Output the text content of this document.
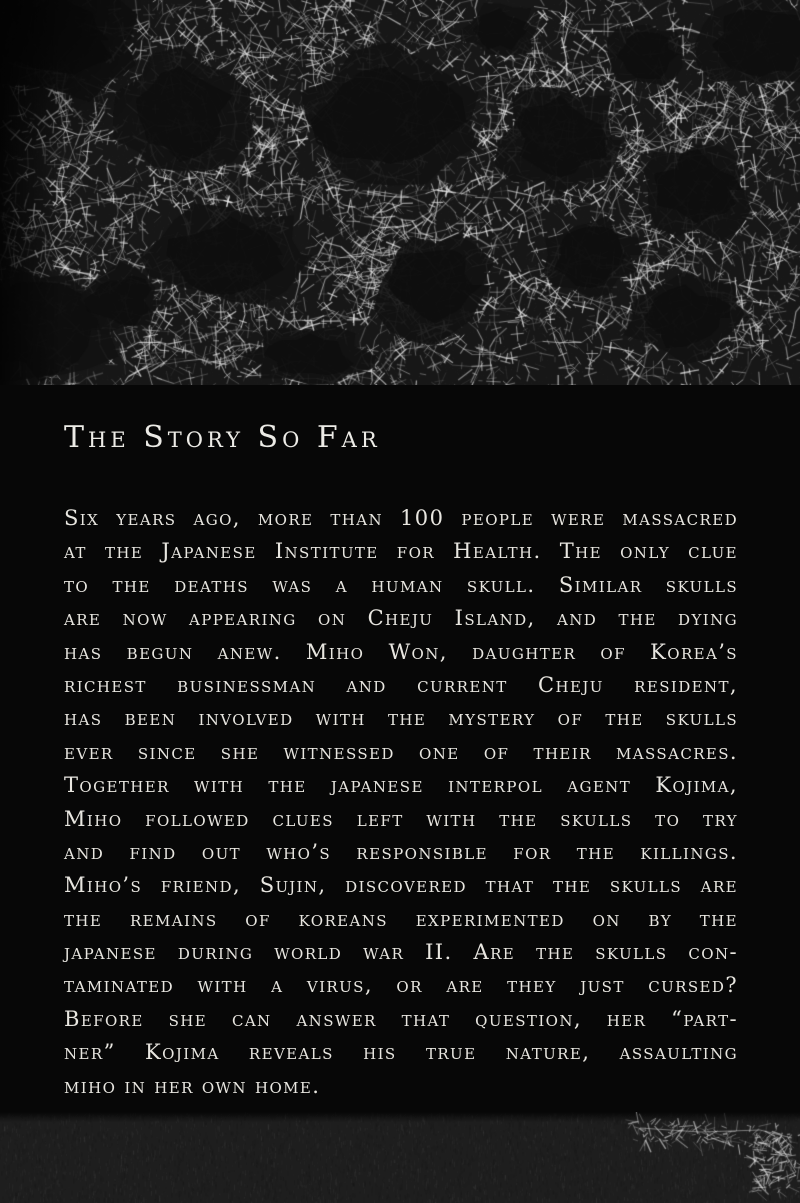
The Story So Far
Six years ago, more than 100 people were massacred
at the Japanese Institute for Health. The only clue
to the deaths was a human skull. Similar skulls
are now appearing on Cheju Island, and the dying
has begun anew. Miho Won, daughter of Korea’s
richest businessman and current Cheju resident,
has been involved with the mystery of the skulls
ever since she witnessed one of their massacres.
Together with the japanese interpol agent Kojima,
Miho followed clues left with the skulls to try
and find out who’s responsible for the killings.
Miho’s friend, Sujin, discovered that the skulls are
the remains of koreans experimented on by the
japanese during world war II. Are the skulls con-
taminated with a virus, or are they just cursed?
Before she can answer that question, her “part-
ner” Kojima reveals his true nature, assaulting
miho in her own home.
